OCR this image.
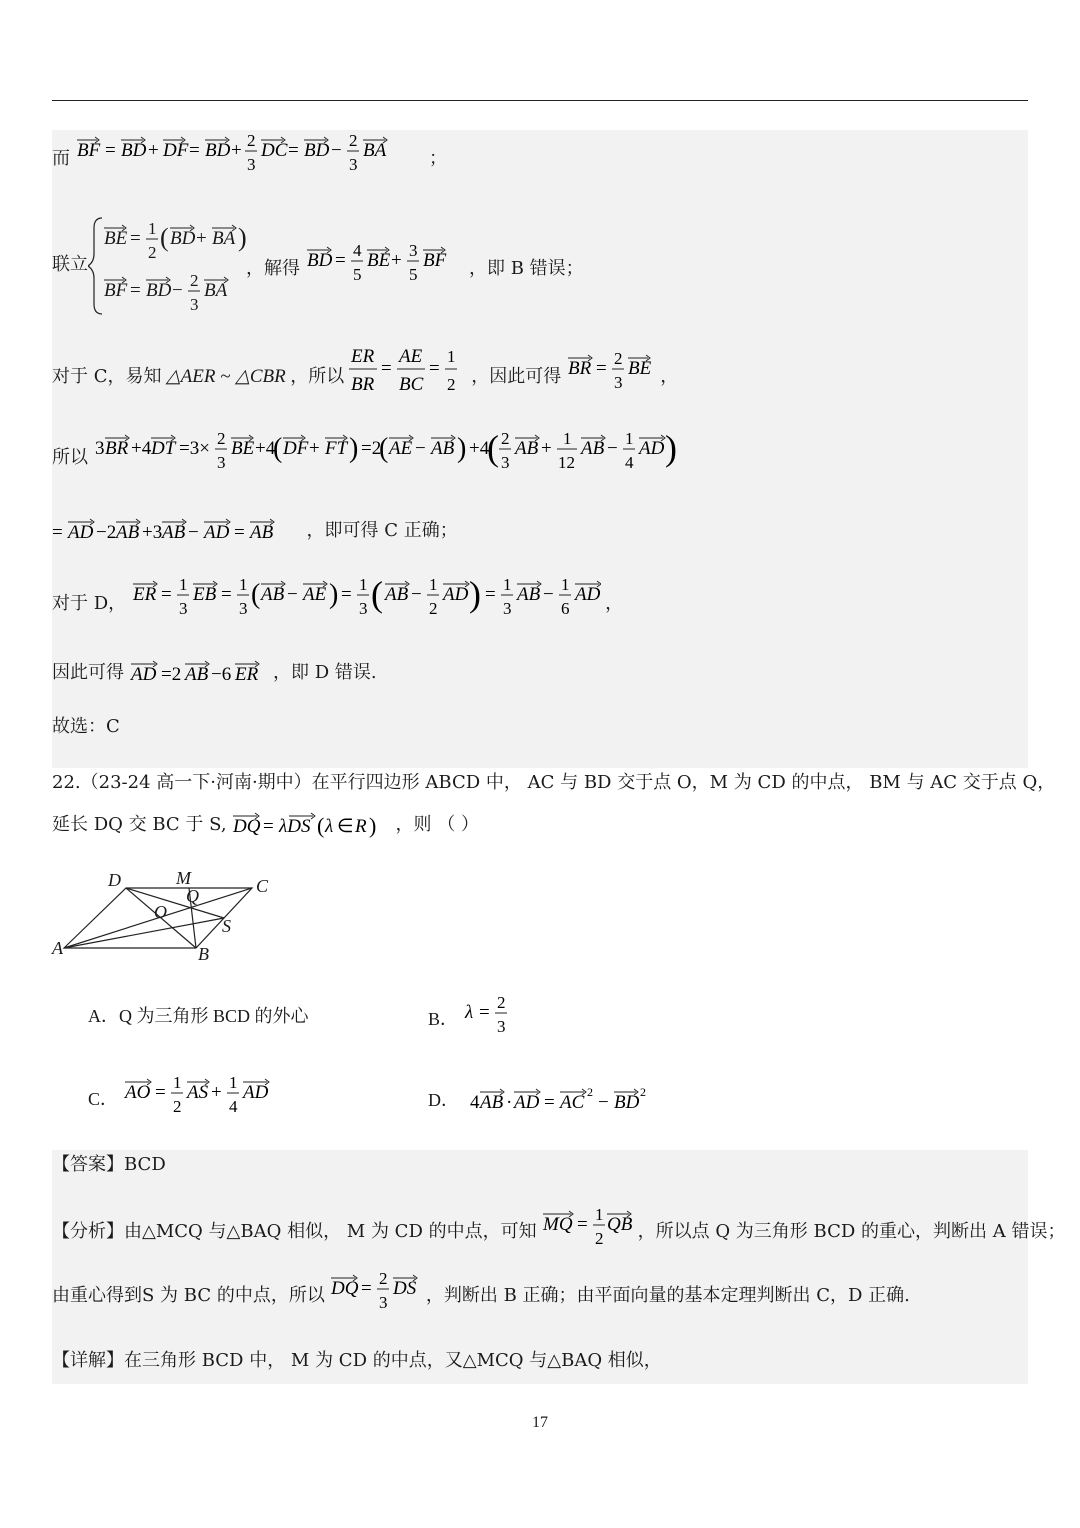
而 BF = BD + DF = BD + 2
3
DC = BD − 2
3
BA ；
联立
BE = 1
2
( BD + BA )
BF = BD − 2
3
BA
，解得 BD = 4
5
BE + 3
5
BF ，即 B 错误；
对于 C，易知 △AER ~ △CBR ，所以
ER
BR
=
AE
BC
=
1
2 ，因此可得 BR = 2
3
BE ，
所以 3 BR +4 DT =3× 2
3
BE +4
( DF + FT ) =2
( AE − AB ) +4
( 2
3
AB + 1
12
AB − 1
4
AD )
= AD −2 AB +3 AB − AD = AB ，即可得 C 正确；
对于 D， ER = 1
3
EB = 1
3 ( AB − AE ) = 1
3 ( AB − 1
2
AD ) = 1
3
AB − 1
6
AD ，
因此可得 AD =2 AB −6 ER ，即 D 错误.
故选：C
22.（23-24 高一下·河南·期中）在平行四边形 ABCD 中， AC 与 BD 交于点 O，M 为 CD 的中点， BM 与 AC 交于点 Q，
延长 DQ 交 BC 于 S, DQ = λDS ( λ ∈ R ) ，则 （ ）
D	M	C
Q
O
S
A	B
A．Q 为三角形 BCD 的外心	B． λ = 2
3
C． AO = 1
2
AS + 1
4
AD	D． 4 AB · AD = AC 2 − BD 2
【答案】BCD
【分析】由△MCQ 与△BAQ 相似， M 为 CD 的中点，可知 MQ = 1
2
QB ，所以点 Q 为三角形 BCD 的重心，判断出 A 错误；
由重心得到S 为 BC 的中点，所以 DQ = 2
3
DS ，判断出 B 正确；由平面向量的基本定理判断出 C，D 正确.
【详解】在三角形 BCD 中， M 为 CD 的中点，又△MCQ 与△BAQ 相似，
17
